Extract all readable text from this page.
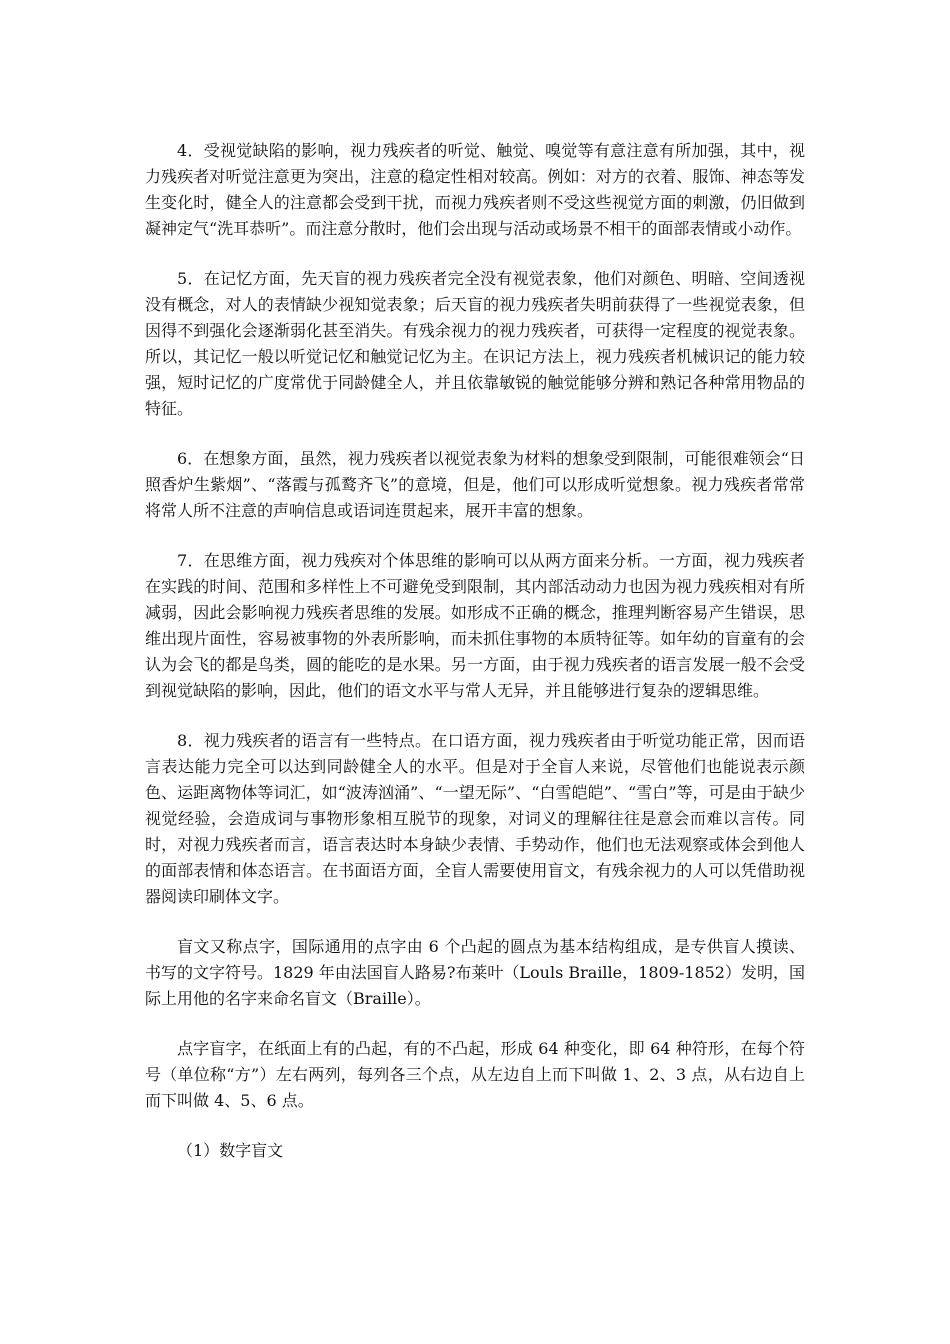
4．受视觉缺陷的影响，视力残疾者的听觉、触觉、嗅觉等有意注意有所加强，其中，视力残疾者对听觉注意更为突出，注意的稳定性相对较高。例如：对方的衣着、服饰、神态等发生变化时，健全人的注意都会受到干扰，而视力残疾者则不受这些视觉方面的刺激，仍旧做到凝神定气“洗耳恭听”。而注意分散时，他们会出现与活动或场景不相干的面部表情或小动作。

5．在记忆方面，先天盲的视力残疾者完全没有视觉表象，他们对颜色、明暗、空间透视没有概念，对人的表情缺少视知觉表象；后天盲的视力残疾者失明前获得了一些视觉表象，但因得不到强化会逐渐弱化甚至消失。有残余视力的视力残疾者，可获得一定程度的视觉表象。所以，其记忆一般以听觉记忆和触觉记忆为主。在识记方法上，视力残疾者机械识记的能力较强，短时记忆的广度常优于同龄健全人，并且依靠敏锐的触觉能够分辨和熟记各种常用物品的特征。

6．在想象方面，虽然，视力残疾者以视觉表象为材料的想象受到限制，可能很难领会“日照香炉生紫烟”、“落霞与孤鹜齐飞”的意境，但是，他们可以形成听觉想象。视力残疾者常常将常人所不注意的声响信息或语词连贯起来，展开丰富的想象。

7．在思维方面，视力残疾对个体思维的影响可以从两方面来分析。一方面，视力残疾者在实践的时间、范围和多样性上不可避免受到限制，其内部活动动力也因为视力残疾相对有所减弱，因此会影响视力残疾者思维的发展。如形成不正确的概念，推理判断容易产生错误，思维出现片面性，容易被事物的外表所影响，而未抓住事物的本质特征等。如年幼的盲童有的会认为会飞的都是鸟类，圆的能吃的是水果。另一方面，由于视力残疾者的语言发展一般不会受到视觉缺陷的影响，因此，他们的语文水平与常人无异，并且能够进行复杂的逻辑思维。

8．视力残疾者的语言有一些特点。在口语方面，视力残疾者由于听觉功能正常，因而语言表达能力完全可以达到同龄健全人的水平。但是对于全盲人来说，尽管他们也能说表示颜色、运距离物体等词汇，如“波涛汹涌”、“一望无际”、“白雪皑皑”、“雪白”等，可是由于缺少视觉经验，会造成词与事物形象相互脱节的现象，对词义的理解往往是意会而难以言传。同时，对视力残疾者而言，语言表达时本身缺少表情、手势动作，他们也无法观察或体会到他人的面部表情和体态语言。在书面语方面，全盲人需要使用盲文，有残余视力的人可以凭借助视器阅读印刷体文字。

盲文又称点字，国际通用的点字由 6 个凸起的圆点为基本结构组成，是专供盲人摸读、书写的文字符号。1829 年由法国盲人路易?布莱叶（Louls Braille，1809-1852）发明，国际上用他的名字来命名盲文（Braille）。

点字盲字，在纸面上有的凸起，有的不凸起，形成 64 种变化，即 64 种符形，在每个符号（单位称“方”）左右两列，每列各三个点，从左边自上而下叫做 1、2、3 点，从右边自上而下叫做 4、5、6 点。

（1）数字盲文
